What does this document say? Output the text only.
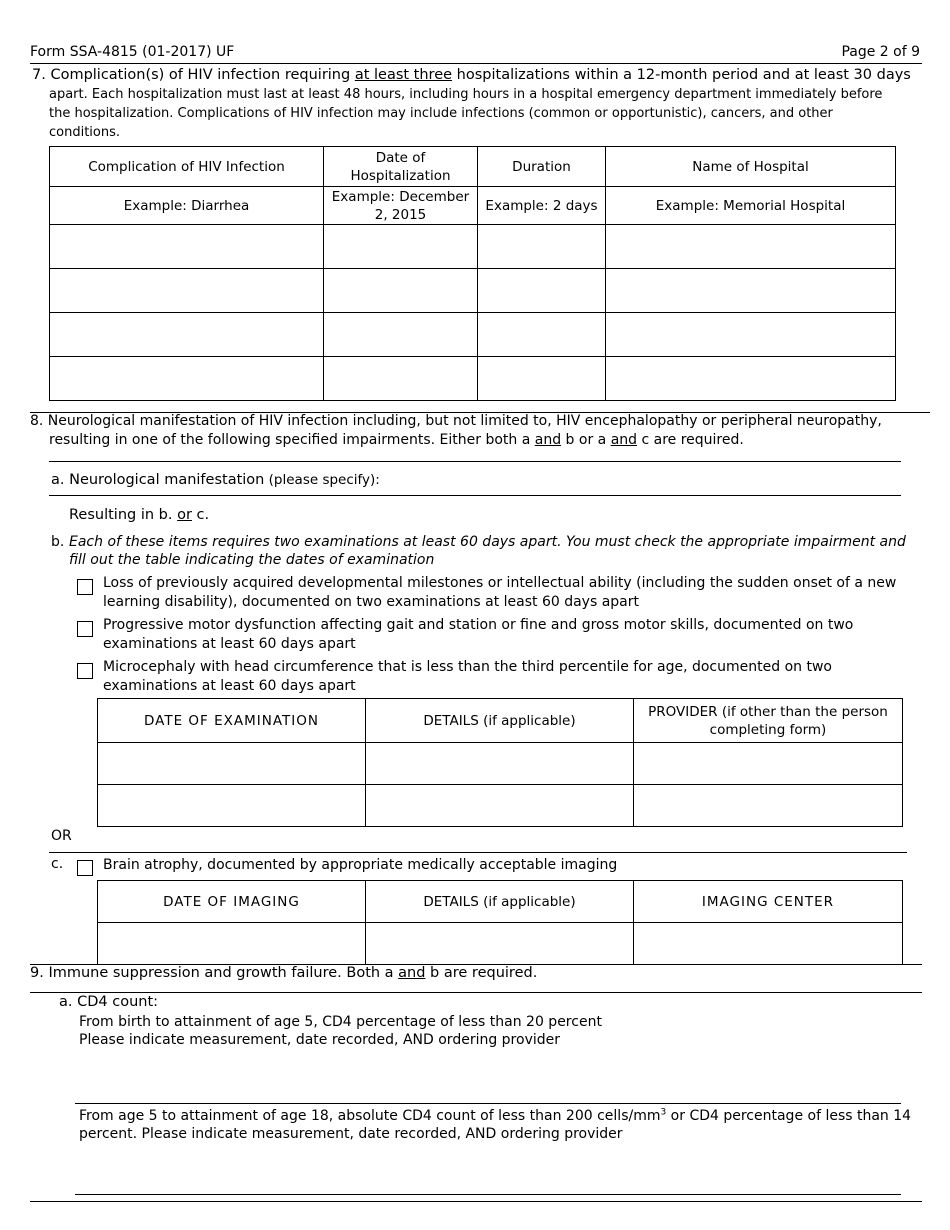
Form SSA-4815 (01-2017) UF	Page 2 of 9
7. Complication(s) of HIV infection requiring at least three hospitalizations within a 12-month period and at least 30 days
apart. Each hospitalization must last at least 48 hours, including hours in a hospital emergency department immediately before
the hospitalization. Complications of HIV infection may include infections (common or opportunistic), cancers, and other
conditions.
Complication of HIV Infection	Date of Hospitalization	Duration	Name of Hospital
Example: Diarrhea	Example: December 2, 2015	Example: 2 days	Example: Memorial Hospital

8. Neurological manifestation of HIV infection including, but not limited to, HIV encephalopathy or peripheral neuropathy,
resulting in one of the following specified impairments. Either both a and b or a and c are required.
a. Neurological manifestation (please specify):
Resulting in b. or c.
b. Each of these items requires two examinations at least 60 days apart. You must check the appropriate impairment and
fill out the table indicating the dates of examination
Loss of previously acquired developmental milestones or intellectual ability (including the sudden onset of a new
learning disability), documented on two examinations at least 60 days apart
Progressive motor dysfunction affecting gait and station or fine and gross motor skills, documented on two
examinations at least 60 days apart
Microcephaly with head circumference that is less than the third percentile for age, documented on two
examinations at least 60 days apart
DATE OF EXAMINATION	DETAILS (if applicable)	PROVIDER (if other than the person completing form)

OR
c.	Brain atrophy, documented by appropriate medically acceptable imaging
DATE OF IMAGING	DETAILS (if applicable)	IMAGING CENTER

9. Immune suppression and growth failure. Both a and b are required.
a. CD4 count:
From birth to attainment of age 5, CD4 percentage of less than 20 percent
Please indicate measurement, date recorded, AND ordering provider
From age 5 to attainment of age 18, absolute CD4 count of less than 200 cells/$mm^3$ or CD4 percentage of less than 14
percent. Please indicate measurement, date recorded, AND ordering provider
